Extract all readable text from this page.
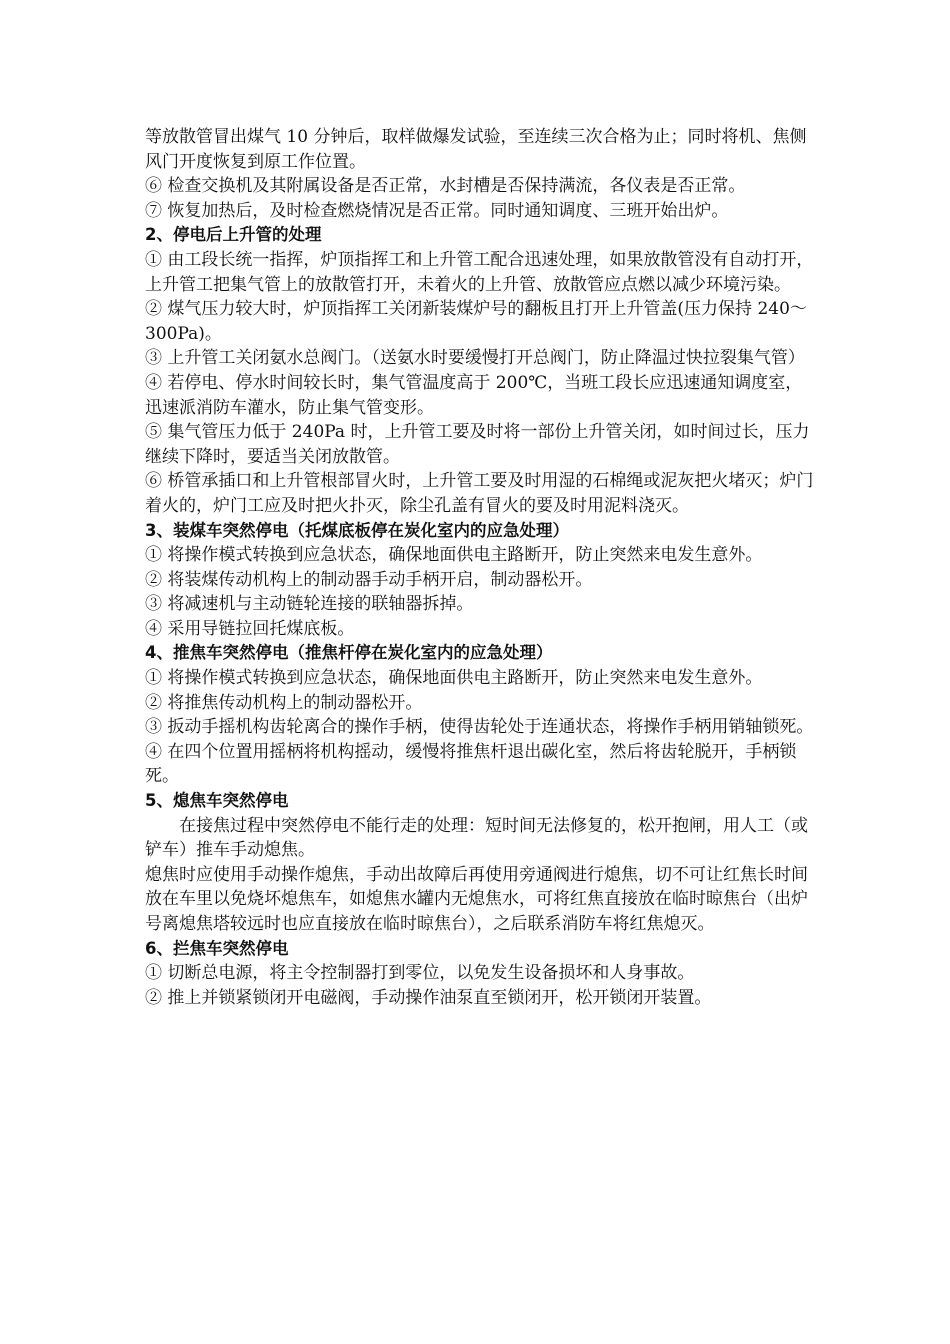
等放散管冒出煤气 10 分钟后，取样做爆发试验，至连续三次合格为止；同时将机、焦侧风门开度恢复到原工作位置。

⑥ 检查交换机及其附属设备是否正常，水封槽是否保持满流，各仪表是否正常。

⑦ 恢复加热后，及时检查燃烧情况是否正常。同时通知调度、三班开始出炉。

2、停电后上升管的处理

① 由工段长统一指挥，炉顶指挥工和上升管工配合迅速处理，如果放散管没有自动打开，上升管工把集气管上的放散管打开，未着火的上升管、放散管应点燃以减少环境污染。

② 煤气压力较大时，炉顶指挥工关闭新装煤炉号的翻板且打开上升管盖(压力保持 240～300Pa)。

③ 上升管工关闭氨水总阀门。（送氨水时要缓慢打开总阀门，防止降温过快拉裂集气管）

④ 若停电、停水时间较长时，集气管温度高于 200℃，当班工段长应迅速通知调度室，迅速派消防车灌水，防止集气管变形。

⑤ 集气管压力低于 240Pa 时，上升管工要及时将一部份上升管关闭，如时间过长，压力继续下降时，要适当关闭放散管。

⑥ 桥管承插口和上升管根部冒火时，上升管工要及时用湿的石棉绳或泥灰把火堵灭；炉门着火的，炉门工应及时把火扑灭，除尘孔盖有冒火的要及时用泥料浇灭。

3、装煤车突然停电（托煤底板停在炭化室内的应急处理）

① 将操作模式转换到应急状态，确保地面供电主路断开，防止突然来电发生意外。

② 将装煤传动机构上的制动器手动手柄开启，制动器松开。

③ 将减速机与主动链轮连接的联轴器拆掉。

④ 采用导链拉回托煤底板。

4、推焦车突然停电（推焦杆停在炭化室内的应急处理）

① 将操作模式转换到应急状态，确保地面供电主路断开，防止突然来电发生意外。

② 将推焦传动机构上的制动器松开。

③ 扳动手摇机构齿轮离合的操作手柄，使得齿轮处于连通状态，将操作手柄用销轴锁死。

④ 在四个位置用摇柄将机构摇动，缓慢将推焦杆退出碳化室，然后将齿轮脱开，手柄锁死。

5、熄焦车突然停电

在接焦过程中突然停电不能行走的处理：短时间无法修复的，松开抱闸，用人工（或铲车）推车手动熄焦。

熄焦时应使用手动操作熄焦，手动出故障后再使用旁通阀进行熄焦，切不可让红焦长时间放在车里以免烧坏熄焦车，如熄焦水罐内无熄焦水，可将红焦直接放在临时晾焦台（出炉号离熄焦塔较远时也应直接放在临时晾焦台），之后联系消防车将红焦熄灭。

6、拦焦车突然停电

① 切断总电源，将主令控制器打到零位，以免发生设备损坏和人身事故。

② 推上并锁紧锁闭开电磁阀，手动操作油泵直至锁闭开，松开锁闭开装置。
